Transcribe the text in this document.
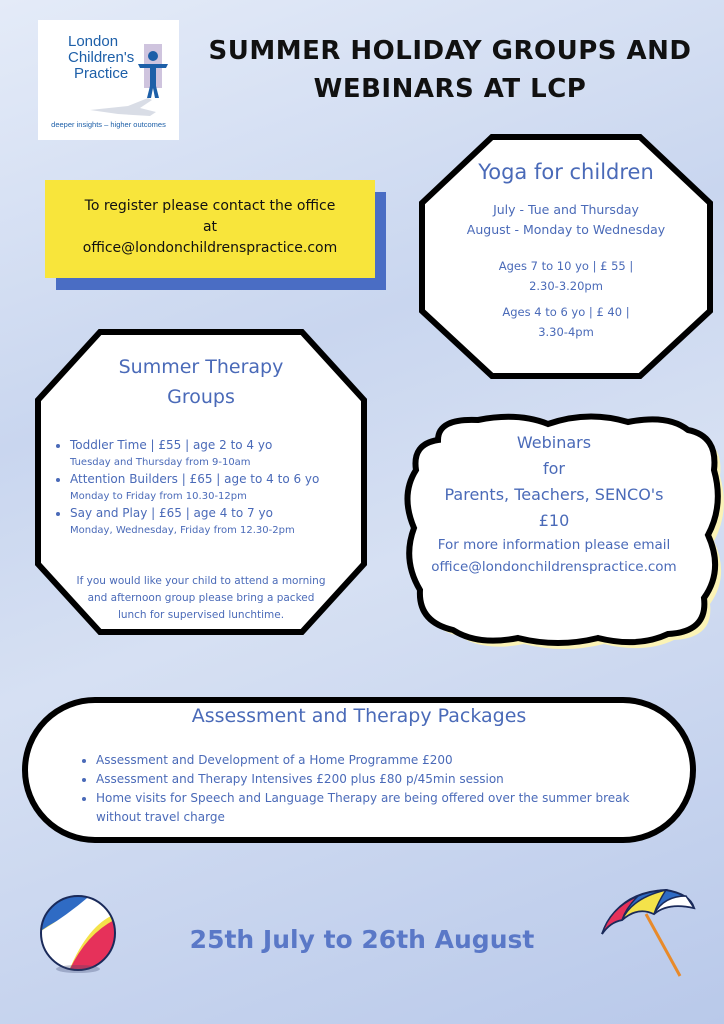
London
Children's
Practice
deeper insights – higher outcomes
SUMMER HOLIDAY GROUPS AND
WEBINARS AT LCP
To register please contact the office
at
office@londonchildrenspractice.com
Yoga for children
July - Tue and Thursday
August - Monday to Wednesday
Ages 7 to 10 yo | £ 55 |
2.30-3.20pm
Ages 4 to 6 yo | £ 40 |
3.30-4pm
Summer Therapy
Groups
• Toddler Time | £55 | age 2 to 4 yo
Tuesday and Thursday from 9-10am
• Attention Builders | £65 | age to 4 to 6 yo
Monday to Friday from 10.30-12pm
• Say and Play | £65 | age 4 to 7 yo
Monday, Wednesday, Friday from 12.30-2pm
If you would like your child to attend a morning
and afternoon group please bring a packed
lunch for supervised lunchtime.
Webinars
for
Parents, Teachers, SENCO's
£10
For more information please email
office@londonchildrenspractice.com
Assessment and Therapy Packages
• Assessment and Development of a Home Programme £200
• Assessment and Therapy Intensives £200 plus £80 p/45min session
• Home visits for Speech and Language Therapy are being offered over the summer break
without travel charge
25th July to 26th August
